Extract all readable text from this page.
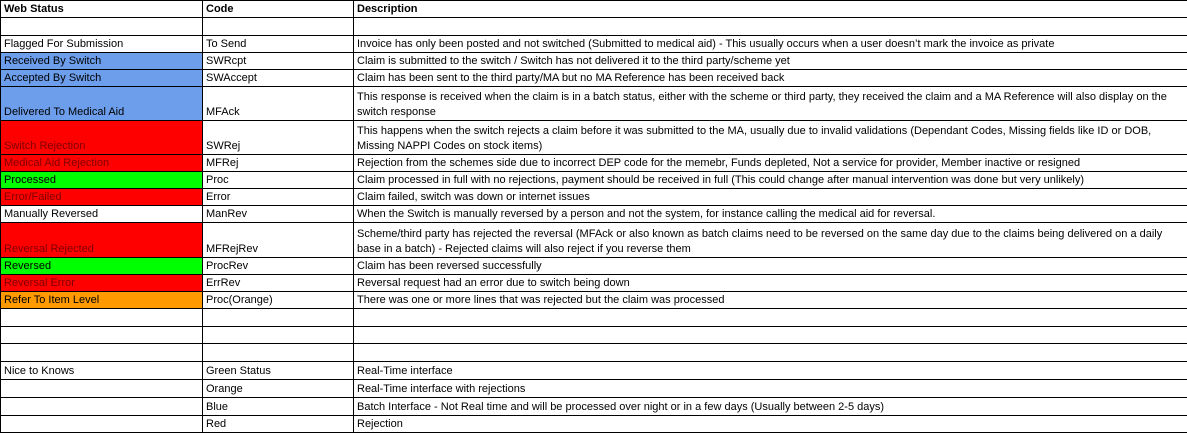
Web Status	Code	Description

Flagged For Submission	To Send	Invoice has only been posted and not switched (Submitted to medical aid) - This usually occurs when a user doesn’t mark the invoice as private
Received By Switch	SWRcpt	Claim is submitted to the switch / Switch has not delivered it to the third party/scheme yet
Accepted By Switch	SWAccept	Claim has been sent to the third party/MA but no MA Reference has been received back
Delivered To Medical Aid	MFAck	This response is received when the claim is in a batch status, either with the scheme or third party, they received the claim and a MA Reference will also display on the switch response
Switch Rejection	SWRej	This happens when the switch rejects a claim before it was submitted to the MA, usually due to invalid validations (Dependant Codes, Missing fields like ID or DOB, Missing NAPPI Codes on stock items)
Medical Aid Rejection	MFRej	Rejection from the schemes side due to incorrect DEP code for the memebr, Funds depleted, Not a service for provider, Member inactive or resigned
Processed	Proc	Claim processed in full with no rejections, payment should be received in full (This could change after manual intervention was done but very unlikely)
Error/Failed	Error	Claim failed, switch was down or internet issues
Manually Reversed	ManRev	When the Switch is manually reversed by a person and not the system, for instance calling the medical aid for reversal.
Reversal Rejected	MFRejRev	Scheme/third party has rejected the reversal (MFAck or also known as batch claims need to be reversed on the same day due to the claims being delivered on a daily base in a batch) - Rejected claims will also reject if you reverse them
Reversed	ProcRev	Claim has been reversed successfully
Reversal Error	ErrRev	Reversal request had an error due to switch being down
Refer To Item Level	Proc(Orange)	There was one or more lines that was rejected but the claim was processed

Nice to Knows	Green Status	Real-Time interface
	Orange	Real-Time interface with rejections
	Blue	Batch Interface - Not Real time and will be processed over night or in a few days (Usually between 2-5 days)
	Red	Rejection
